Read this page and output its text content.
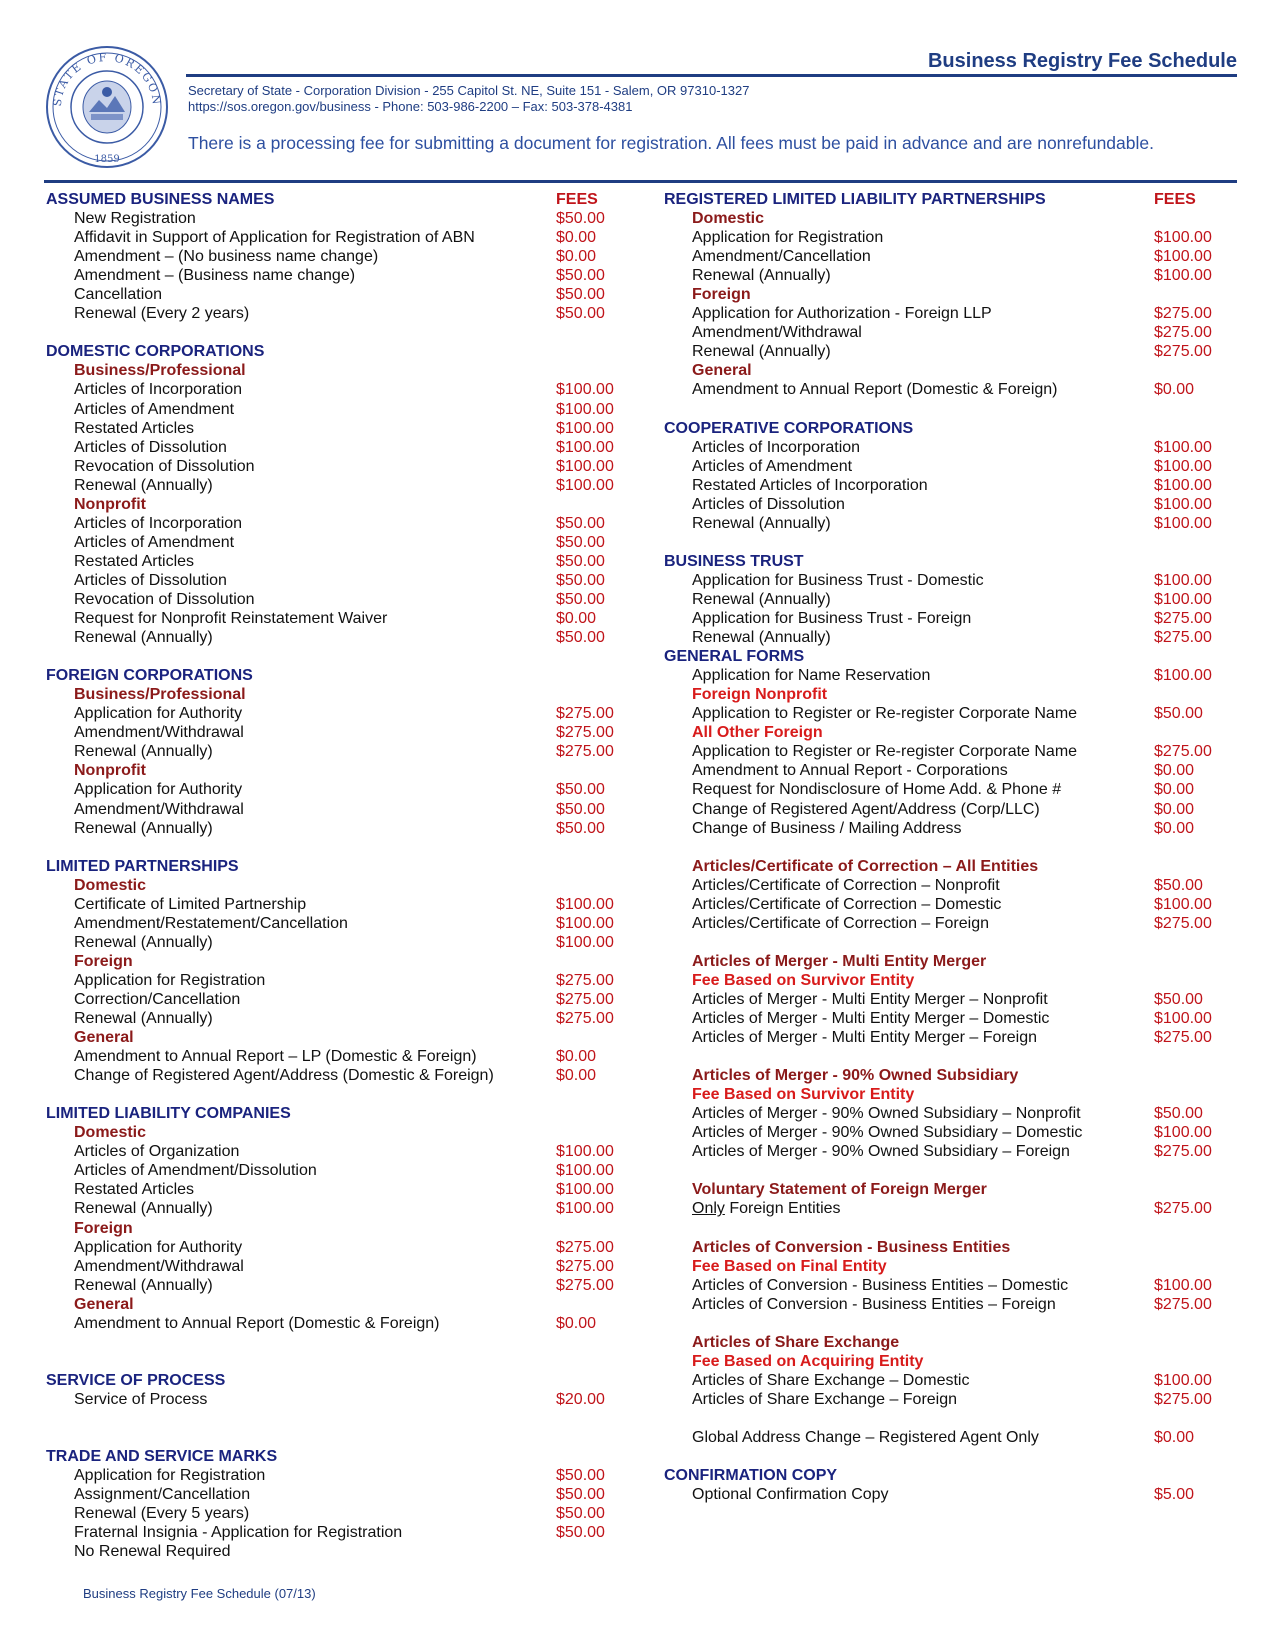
STATE OF OREGON
1859
Business Registry Fee Schedule
Secretary of State - Corporation Division - 255 Capitol St. NE, Suite 151 - Salem, OR 97310-1327
https://sos.oregon.gov/business - Phone: 503-986-2200 – Fax: 503-378-4381
There is a processing fee for submitting a document for registration. All fees must be paid in advance and are nonrefundable.
ASSUMED BUSINESS NAMES	FEES
New Registration	$50.00
Affidavit in Support of Application for Registration of ABN	$0.00
Amendment – (No business name change)	$0.00
Amendment – (Business name change)	$50.00
Cancellation	$50.00
Renewal (Every 2 years)	$50.00
DOMESTIC CORPORATIONS
Business/Professional
Articles of Incorporation	$100.00
Articles of Amendment	$100.00
Restated Articles	$100.00
Articles of Dissolution	$100.00
Revocation of Dissolution	$100.00
Renewal (Annually)	$100.00
Nonprofit
Articles of Incorporation	$50.00
Articles of Amendment	$50.00
Restated Articles	$50.00
Articles of Dissolution	$50.00
Revocation of Dissolution	$50.00
Request for Nonprofit Reinstatement Waiver	$0.00
Renewal (Annually)	$50.00
FOREIGN CORPORATIONS
Business/Professional
Application for Authority	$275.00
Amendment/Withdrawal	$275.00
Renewal (Annually)	$275.00
Nonprofit
Application for Authority	$50.00
Amendment/Withdrawal	$50.00
Renewal (Annually)	$50.00
LIMITED PARTNERSHIPS
Domestic
Certificate of Limited Partnership	$100.00
Amendment/Restatement/Cancellation	$100.00
Renewal (Annually)	$100.00
Foreign
Application for Registration	$275.00
Correction/Cancellation	$275.00
Renewal (Annually)	$275.00
General
Amendment to Annual Report – LP (Domestic & Foreign)	$0.00
Change of Registered Agent/Address (Domestic & Foreign)	$0.00
LIMITED LIABILITY COMPANIES
Domestic
Articles of Organization	$100.00
Articles of Amendment/Dissolution	$100.00
Restated Articles	$100.00
Renewal (Annually)	$100.00
Foreign
Application for Authority	$275.00
Amendment/Withdrawal	$275.00
Renewal (Annually)	$275.00
General
Amendment to Annual Report (Domestic & Foreign)	$0.00
SERVICE OF PROCESS
Service of Process	$20.00
TRADE AND SERVICE MARKS
Application for Registration	$50.00
Assignment/Cancellation	$50.00
Renewal (Every 5 years)	$50.00
Fraternal Insignia - Application for Registration	$50.00
No Renewal Required
REGISTERED LIMITED LIABILITY PARTNERSHIPS	FEES
Domestic
Application for Registration	$100.00
Amendment/Cancellation	$100.00
Renewal (Annually)	$100.00
Foreign
Application for Authorization - Foreign LLP	$275.00
Amendment/Withdrawal	$275.00
Renewal (Annually)	$275.00
General
Amendment to Annual Report (Domestic & Foreign)	$0.00
COOPERATIVE CORPORATIONS
Articles of Incorporation	$100.00
Articles of Amendment	$100.00
Restated Articles of Incorporation	$100.00
Articles of Dissolution	$100.00
Renewal (Annually)	$100.00
BUSINESS TRUST
Application for Business Trust - Domestic	$100.00
Renewal (Annually)	$100.00
Application for Business Trust - Foreign	$275.00
Renewal (Annually)	$275.00
GENERAL FORMS
Application for Name Reservation	$100.00
Foreign Nonprofit
Application to Register or Re-register Corporate Name	$50.00
All Other Foreign
Application to Register or Re-register Corporate Name	$275.00
Amendment to Annual Report - Corporations	$0.00
Request for Nondisclosure of Home Add. & Phone #	$0.00
Change of Registered Agent/Address (Corp/LLC)	$0.00
Change of Business / Mailing Address	$0.00
Articles/Certificate of Correction – All Entities
Articles/Certificate of Correction – Nonprofit	$50.00
Articles/Certificate of Correction – Domestic	$100.00
Articles/Certificate of Correction – Foreign	$275.00
Articles of Merger - Multi Entity Merger
Fee Based on Survivor Entity
Articles of Merger - Multi Entity Merger – Nonprofit	$50.00
Articles of Merger - Multi Entity Merger – Domestic	$100.00
Articles of Merger - Multi Entity Merger – Foreign	$275.00
Articles of Merger - 90% Owned Subsidiary
Fee Based on Survivor Entity
Articles of Merger - 90% Owned Subsidiary – Nonprofit	$50.00
Articles of Merger - 90% Owned Subsidiary – Domestic	$100.00
Articles of Merger - 90% Owned Subsidiary – Foreign	$275.00
Voluntary Statement of Foreign Merger
Only Foreign Entities	$275.00
Articles of Conversion - Business Entities
Fee Based on Final Entity
Articles of Conversion - Business Entities – Domestic	$100.00
Articles of Conversion - Business Entities – Foreign	$275.00
Articles of Share Exchange
Fee Based on Acquiring Entity
Articles of Share Exchange – Domestic	$100.00
Articles of Share Exchange – Foreign	$275.00
Global Address Change – Registered Agent Only	$0.00
CONFIRMATION COPY
Optional Confirmation Copy	$5.00
Business Registry Fee Schedule (07/13)
